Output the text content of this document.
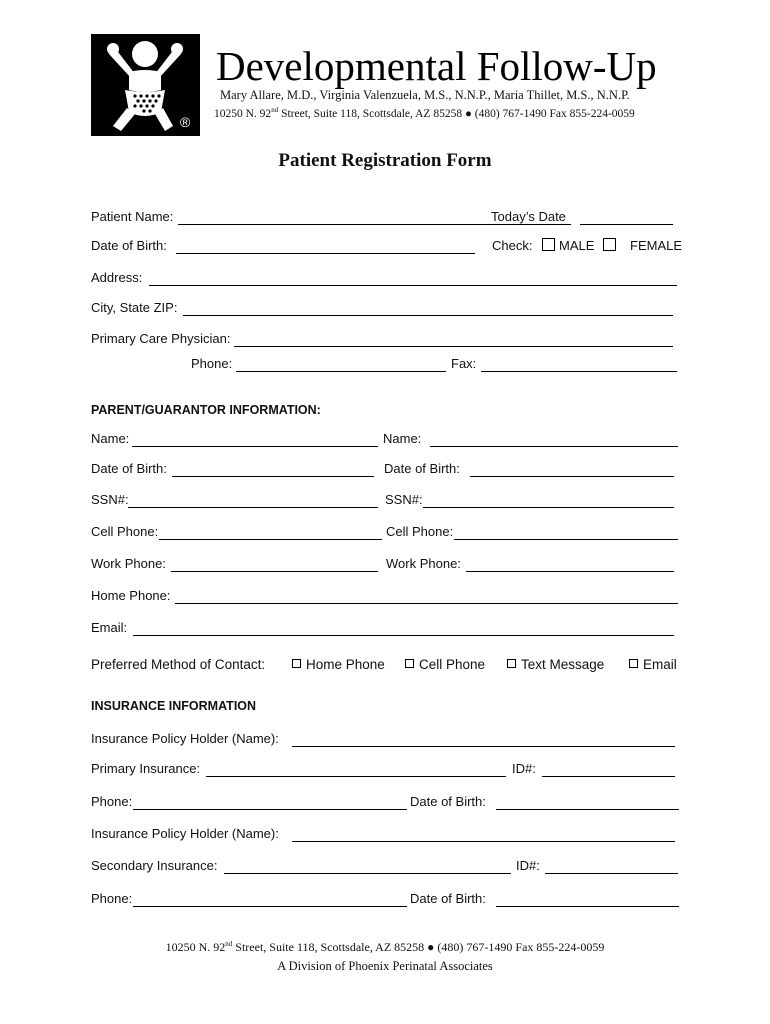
®
Developmental Follow-Up
Mary Allare, M.D., Virginia Valenzuela, M.S., N.N.P., Maria Thillet, M.S., N.N.P.
10250 N. 92nd Street, Suite 118, Scottsdale, AZ 85258 ● (480) 767-1490 Fax 855-224-0059
Patient Registration Form
Patient Name:	Today’s Date
Date of Birth:	Check:	MALE	FEMALE
Address:
City, State ZIP:
Primary Care Physician:
Phone:	Fax:
PARENT/GUARANTOR INFORMATION:
Name:	Name:
Date of Birth:	Date of Birth:
SSN#:	SSN#:
Cell Phone:	Cell Phone:
Work Phone:	Work Phone:
Home Phone:
Email:
Preferred Method of Contact:	Home Phone	Cell Phone	Text Message	Email
INSURANCE INFORMATION
Insurance Policy Holder (Name):
Primary Insurance:	ID#:
Phone:	Date of Birth:
Insurance Policy Holder (Name):
Secondary Insurance:	ID#:
Phone:	Date of Birth:
10250 N. 92nd Street, Suite 118, Scottsdale, AZ 85258 ● (480) 767-1490 Fax 855-224-0059
A Division of Phoenix Perinatal Associates
